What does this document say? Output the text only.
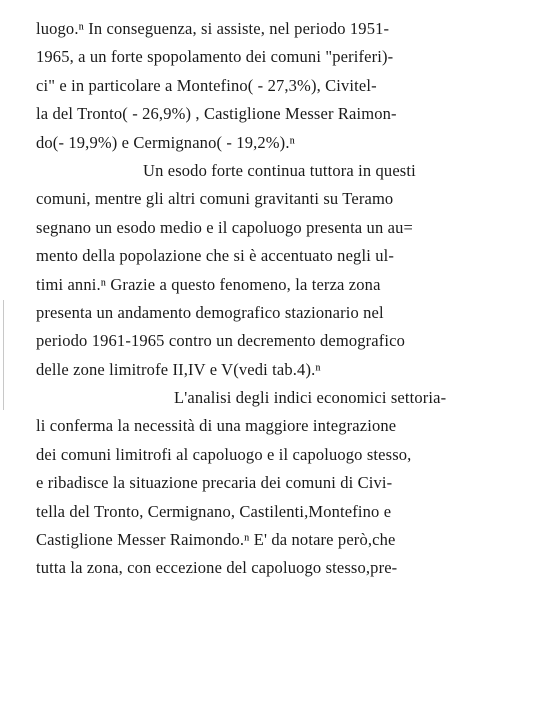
luogo.ⁿ In conseguenza, si assiste, nel periodo 1951-
1965, a un forte spopolamento dei comuni "periferi)-
ci" e in particolare a Montefino( - 27,3%), Civitel-
la del Tronto( - 26,9%) , Castiglione Messer Raimon-
do(- 19,9%) e Cermignano( - 19,2%).ⁿ
Un esodo forte continua tuttora in questi
comuni, mentre gli altri comuni gravitanti su Teramo
segnano un esodo medio e il capoluogo presenta un au=
mento della popolazione che si è accentuato negli ul-
timi anni.ⁿ Grazie a questo fenomeno, la terza zona
presenta un andamento demografico stazionario nel
periodo 1961-1965 contro un decremento demografico
delle zone limitrofe II,IV e V(vedi tab.4).ⁿ
L'analisi degli indici economici settoria-
li conferma la necessità di una maggiore integrazione
dei comuni limitrofi al capoluogo e il capoluogo stesso,
e ribadisce la situazione precaria dei comuni di Civi-
tella del Tronto, Cermignano, Castilenti,Montefino e
Castiglione Messer Raimondo.ⁿ E' da notare però,che
tutta la zona, con eccezione del capoluogo stesso,pre-
